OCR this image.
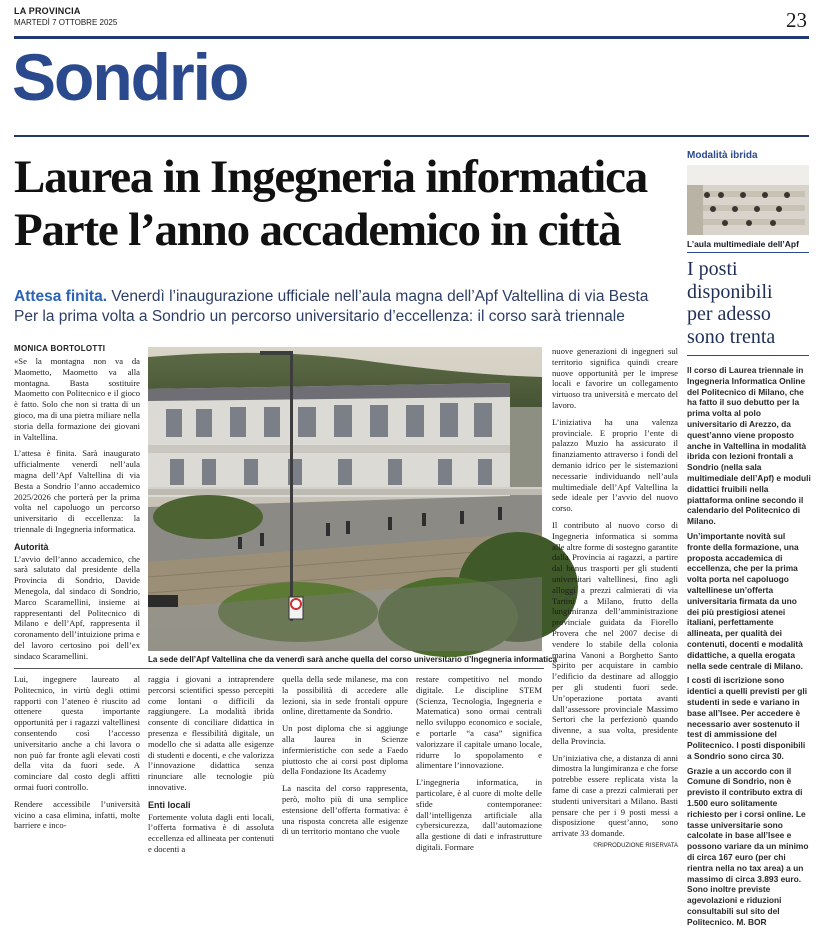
LA PROVINCIA
MARTEDÌ 7 OTTOBRE 2025	23
Sondrio
Laurea in Ingegneria informatica
Parte l’anno accademico in città
Attesa finita. Venerdì l’inaugurazione ufficiale nell’aula magna dell’Apf Valtellina di via Besta
Per la prima volta a Sondrio un percorso universitario d’eccellenza: il corso sarà triennale
MONICA BORTOLOTTI
«Se la montagna non va da Maometto, Maometto va alla montagna. Basta sostituire Maometto con Politecnico e il gioco è fatto. Solo che non si tratta di un gioco, ma di una pietra miliare nella storia della formazione dei giovani in Valtellina.
L’attesa è finita. Sarà inaugurato ufficialmente venerdì nell’aula magna dell’Apf Valtellina di via Besta a Sondrio l’anno accademico 2025/2026 che porterà per la prima volta nel capoluogo un percorso universitario di eccellenza: la triennale di Ingegneria informatica.
Autorità
L’avvio dell’anno accademico, che sarà salutato dal presidente della Provincia di Sondrio, Davide Menegola, dal sindaco di Sondrio, Marco Scaramellini, insieme ai rappresentanti del Politecnico di Milano e dell’Apf, rappresenta il coronamento dell’intuizione prima e del lavoro certosino poi dell’ex sindaco Scaramellini.	La sede dell’Apf Valtellina che da venerdì sarà anche quella del corso universitario d’Ingegneria informatica
nuove generazioni di ingegneri sul territorio significa quindi creare nuove opportunità per le imprese locali e favorire un collegamento virtuoso tra università e mercato del lavoro.
L’iniziativa ha una valenza provinciale. E proprio l’ente di palazzo Muzio ha assicurato il finanziamento attraverso i fondi del demanio idrico per le sistemazioni necessarie individuando nell’aula multimediale dell’Apf Valtellina la sede ideale per l’avvio del nuovo corso.
Il contributo al nuovo corso di Ingegneria informatica si somma alle altre forme di sostegno garantite dalla Provincia ai ragazzi, a partire dal bonus trasporti per gli studenti universitari valtellinesi, fino agli alloggi a prezzi calmierati di via Tartini a Milano, frutto della lungimiranza dell’amministrazione provinciale guidata da Fiorello Provera che nel 2007 decise di vendere lo stabile della colonia marina Vanoni a Borghetto Santo Spirito per acquistare in cambio l’edificio da destinare ad alloggio per gli studenti fuori sede. Un’operazione portata avanti dall’assessore provinciale Massimo Sertori che la perfezionò quando divenne, a sua volta, presidente della Provincia.
Un’iniziativa che, a distanza di anni dimostra la lungimiranza e che forse potrebbe essere replicata vista la fame di case a prezzi calmierati per studenti universitari a Milano. Basti pensare che per i 9 posti messi a disposizione quest’anno, sono arrivate 33 domande.
©RIPRODUZIONE RISERVATA
Lui, ingegnere laureato al Politecnico, in virtù degli ottimi rapporti con l’ateneo è riuscito ad ottenere questa importante opportunità per i ragazzi valtellinesi consentendo così l’accesso universitario anche a chi lavora o non può far fronte agli elevati costi della vita da fuori sede. A cominciare dal costo degli affitti ormai fuori controllo.
Rendere accessibile l’università vicino a casa elimina, infatti, molte barriere e inco-
raggia i giovani a intraprendere percorsi scientifici spesso percepiti come lontani o difficili da raggiungere. La modalità ibrida consente di conciliare didattica in presenza e flessibilità digitale, un modello che si adatta alle esigenze di studenti e docenti, e che valorizza l’innovazione didattica senza rinunciare alle tecnologie più innovative.
Enti locali
Fortemente voluta dagli enti locali, l’offerta formativa è di assoluta eccellenza ed allineata per contenuti e docenti a
quella della sede milanese, ma con la possibilità di accedere alle lezioni, sia in sede frontali oppure online, direttamente da Sondrio.
Un post diploma che si aggiunge alla laurea in Scienze infermieristiche con sede a Faedo piuttosto che ai corsi post diploma della Fondazione Its Academy
La nascita del corso rappresenta, però, molto più di una semplice estensione dell’offerta formativa: è una risposta concreta alle esigenze di un territorio montano che vuole
restare competitivo nel mondo digitale. Le discipline STEM (Scienza, Tecnologia, Ingegneria e Matematica) sono ormai centrali nello sviluppo economico e sociale, e portarle “a casa” significa valorizzare il capitale umano locale, ridurre lo spopolamento e alimentare l’innovazione.
L’ingegneria informatica, in particolare, è al cuore di molte delle sfide contemporanee: dall’intelligenza artificiale alla cybersicurezza, dall’automazione alla gestione di dati e infrastrutture digitali. Formare
Modalità ibrida
L’aula multimediale dell’Apf
I posti
disponibili
per adesso
sono trenta
Il corso di Laurea triennale in Ingegneria Informatica Online del Politecnico di Milano, che ha fatto il suo debutto per la prima volta al polo universitario di Arezzo, da quest’anno viene proposto anche in Valtellina in modalità ibrida con lezioni frontali a Sondrio (nella sala multimediale dell’Apf) e moduli didattici fruibili nella piattaforma online secondo il calendario del Politecnico di Milano.
Un’importante novità sul fronte della formazione, una proposta accademica di eccellenza, che per la prima volta porta nel capoluogo valtellinese un’offerta universitaria firmata da uno dei più prestigiosi atenei italiani, perfettamente allineata, per qualità dei contenuti, docenti e modalità didattiche, a quella erogata nella sede centrale di Milano.
I costi di iscrizione sono identici a quelli previsti per gli studenti in sede e variano in base all’Isee. Per accedere è necessario aver sostenuto il test di ammissione del Politecnico. I posti disponibili a Sondrio sono circa 30.
Grazie a un accordo con il Comune di Sondrio, non è previsto il contributo extra di 1.500 euro solitamente richiesto per i corsi online. Le tasse universitarie sono calcolate in base all’Isee e possono variare da un minimo di circa 167 euro (per chi rientra nella no tax area) a un massimo di circa 3.893 euro. Sono inoltre previste agevolazioni e riduzioni consultabili sul sito del Politecnico. M. BOR
